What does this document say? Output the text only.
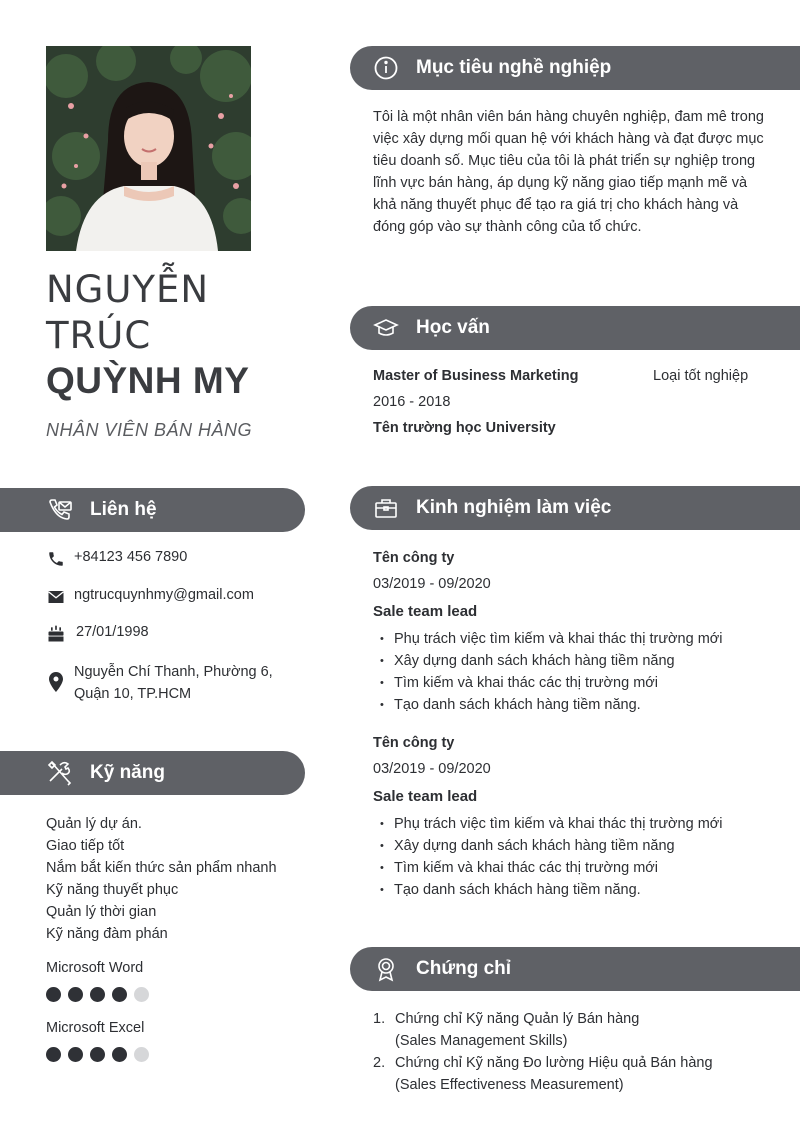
NGUYỄN
TRÚC
QUỲNH MY
NHÂN VIÊN BÁN HÀNG
Liên hệ
+84123 456 7890
ngtrucquynhmy@gmail.com
27/01/1998
Nguyễn Chí Thanh, Phường 6,
Quận 10, TP.HCM
Kỹ năng
Quản lý dự án.
Giao tiếp tốt
Nắm bắt kiến thức sản phẩm nhanh
Kỹ năng thuyết phục
Quản lý thời gian
Kỹ năng đàm phán
Microsoft Word
Microsoft Excel
Mục tiêu nghề nghiệp

Tôi là một nhân viên bán hàng chuyên nghiệp, đam mê trong việc xây dựng mối quan hệ với khách hàng và đạt được mục tiêu doanh số. Mục tiêu của tôi là phát triển sự nghiệp trong lĩnh vực bán hàng, áp dụng kỹ năng giao tiếp mạnh mẽ và khả năng thuyết phục để tạo ra giá trị cho khách hàng và đóng góp vào sự thành công của tổ chức.

Học vấn
Master of Business Marketing	Loại tốt nghiệp
2016 - 2018
Tên trường học University
Kinh nghiệm làm việc
Tên công ty
03/2019 - 09/2020
Sale team lead
• Phụ trách việc tìm kiếm và khai thác thị trường mới
• Xây dựng danh sách khách hàng tiềm năng
• Tìm kiếm và khai thác các thị trường mới
• Tạo danh sách khách hàng tiềm năng.
Tên công ty
03/2019 - 09/2020
Sale team lead
• Phụ trách việc tìm kiếm và khai thác thị trường mới
• Xây dựng danh sách khách hàng tiềm năng
• Tìm kiếm và khai thác các thị trường mới
• Tạo danh sách khách hàng tiềm năng.
Chứng chỉ
1. Chứng chỉ Kỹ năng Quản lý Bán hàng
(Sales Management Skills)
2. Chứng chỉ Kỹ năng Đo lường Hiệu quả Bán hàng
(Sales Effectiveness Measurement)
